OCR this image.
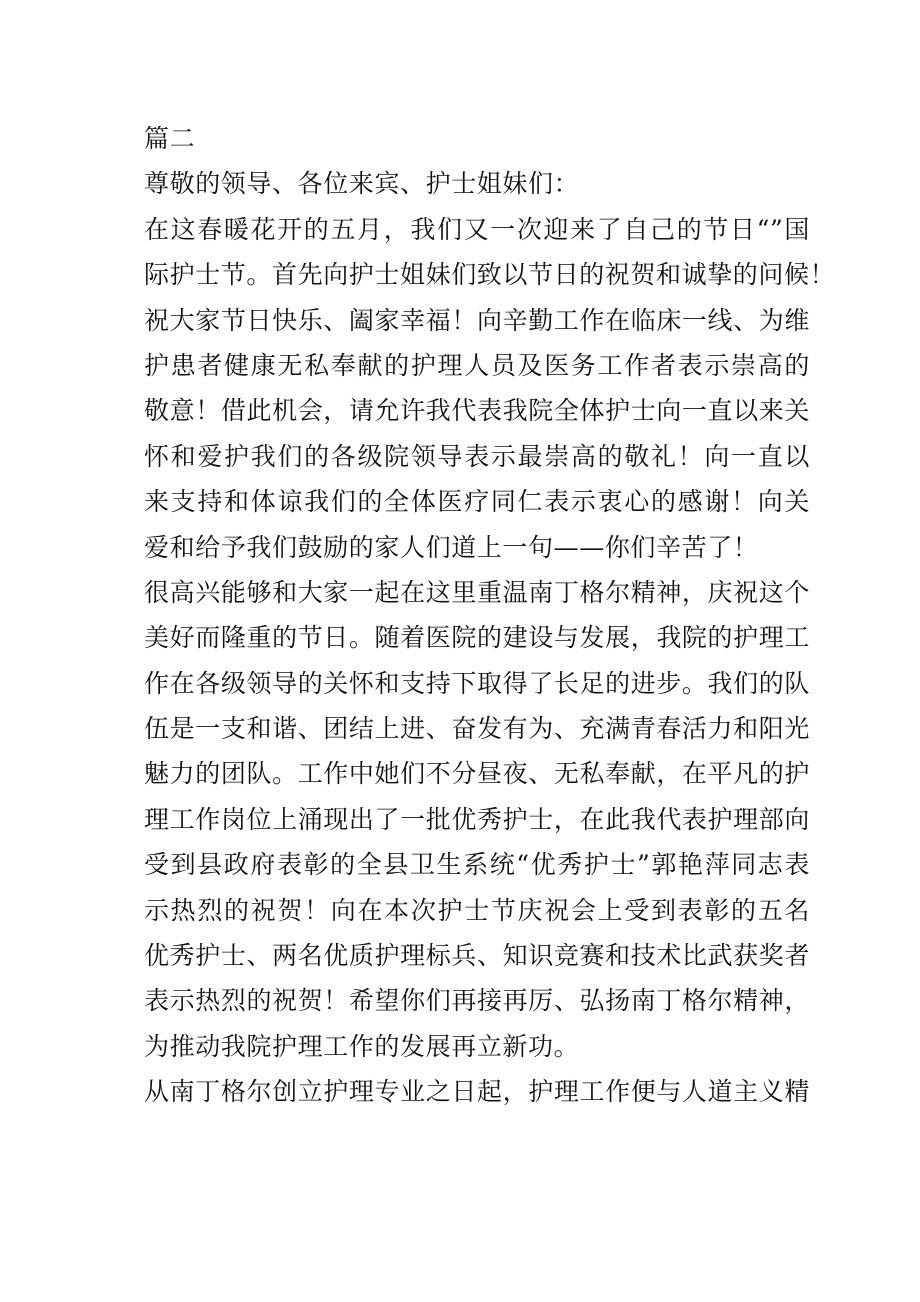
篇二
尊敬的领导、各位来宾、护士姐妹们：
在这春暖花开的五月，我们又一次迎来了自己的节日“”国
际护士节。首先向护士姐妹们致以节日的祝贺和诚挚的问候！
祝大家节日快乐、阖家幸福！向辛勤工作在临床一线、为维
护患者健康无私奉献的护理人员及医务工作者表示崇高的
敬意！借此机会，请允许我代表我院全体护士向一直以来关
怀和爱护我们的各级院领导表示最崇高的敬礼！向一直以
来支持和体谅我们的全体医疗同仁表示衷心的感谢！向关
爱和给予我们鼓励的家人们道上一句——你们辛苦了！
很高兴能够和大家一起在这里重温南丁格尔精神，庆祝这个
美好而隆重的节日。随着医院的建设与发展，我院的护理工
作在各级领导的关怀和支持下取得了长足的进步。我们的队
伍是一支和谐、团结上进、奋发有为、充满青春活力和阳光
魅力的团队。工作中她们不分昼夜、无私奉献，在平凡的护
理工作岗位上涌现出了一批优秀护士，在此我代表护理部向
受到县政府表彰的全县卫生系统“优秀护士”郭艳萍同志表
示热烈的祝贺！向在本次护士节庆祝会上受到表彰的五名
优秀护士、两名优质护理标兵、知识竞赛和技术比武获奖者
表示热烈的祝贺！希望你们再接再厉、弘扬南丁格尔精神，
为推动我院护理工作的发展再立新功。
从南丁格尔创立护理专业之日起，护理工作便与人道主义精
